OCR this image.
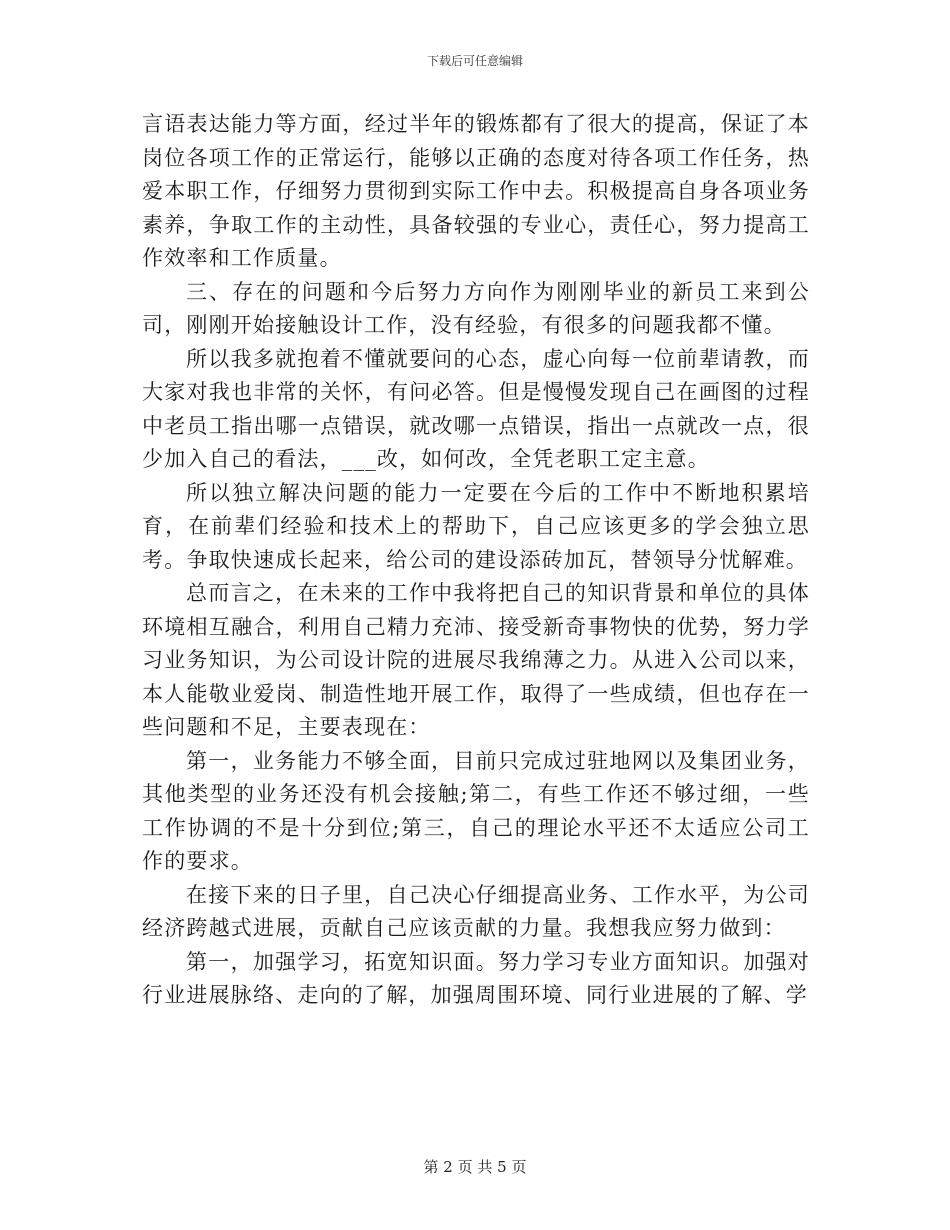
下载后可任意编辑

言语表达能力等方面，经过半年的锻炼都有了很大的提高，保证了本岗位各项工作的正常运行，能够以正确的态度对待各项工作任务，热爱本职工作，仔细努力贯彻到实际工作中去。积极提高自身各项业务素养，争取工作的主动性，具备较强的专业心，责任心，努力提高工作效率和工作质量。

三、存在的问题和今后努力方向作为刚刚毕业的新员工来到公司，刚刚开始接触设计工作，没有经验，有很多的问题我都不懂。

所以我多就抱着不懂就要问的心态，虚心向每一位前辈请教，而大家对我也非常的关怀，有问必答。但是慢慢发现自己在画图的过程中老员工指出哪一点错误，就改哪一点错误，指出一点就改一点，很少加入自己的看法，___改，如何改，全凭老职工定主意。

所以独立解决问题的能力一定要在今后的工作中不断地积累培育，在前辈们经验和技术上的帮助下，自己应该更多的学会独立思考。争取快速成长起来，给公司的建设添砖加瓦，替领导分忧解难。

总而言之，在未来的工作中我将把自己的知识背景和单位的具体环境相互融合，利用自己精力充沛、接受新奇事物快的优势，努力学习业务知识，为公司设计院的进展尽我绵薄之力。从进入公司以来，本人能敬业爱岗、制造性地开展工作，取得了一些成绩，但也存在一些问题和不足，主要表现在：

第一，业务能力不够全面，目前只完成过驻地网以及集团业务，其他类型的业务还没有机会接触;第二，有些工作还不够过细，一些工作协调的不是十分到位;第三，自己的理论水平还不太适应公司工作的要求。

在接下来的日子里，自己决心仔细提高业务、工作水平，为公司经济跨越式进展，贡献自己应该贡献的力量。我想我应努力做到：

第一，加强学习，拓宽知识面。努力学习专业方面知识。加强对行业进展脉络、走向的了解，加强周围环境、同行业进展的了解、学

第 2 页 共 5 页
